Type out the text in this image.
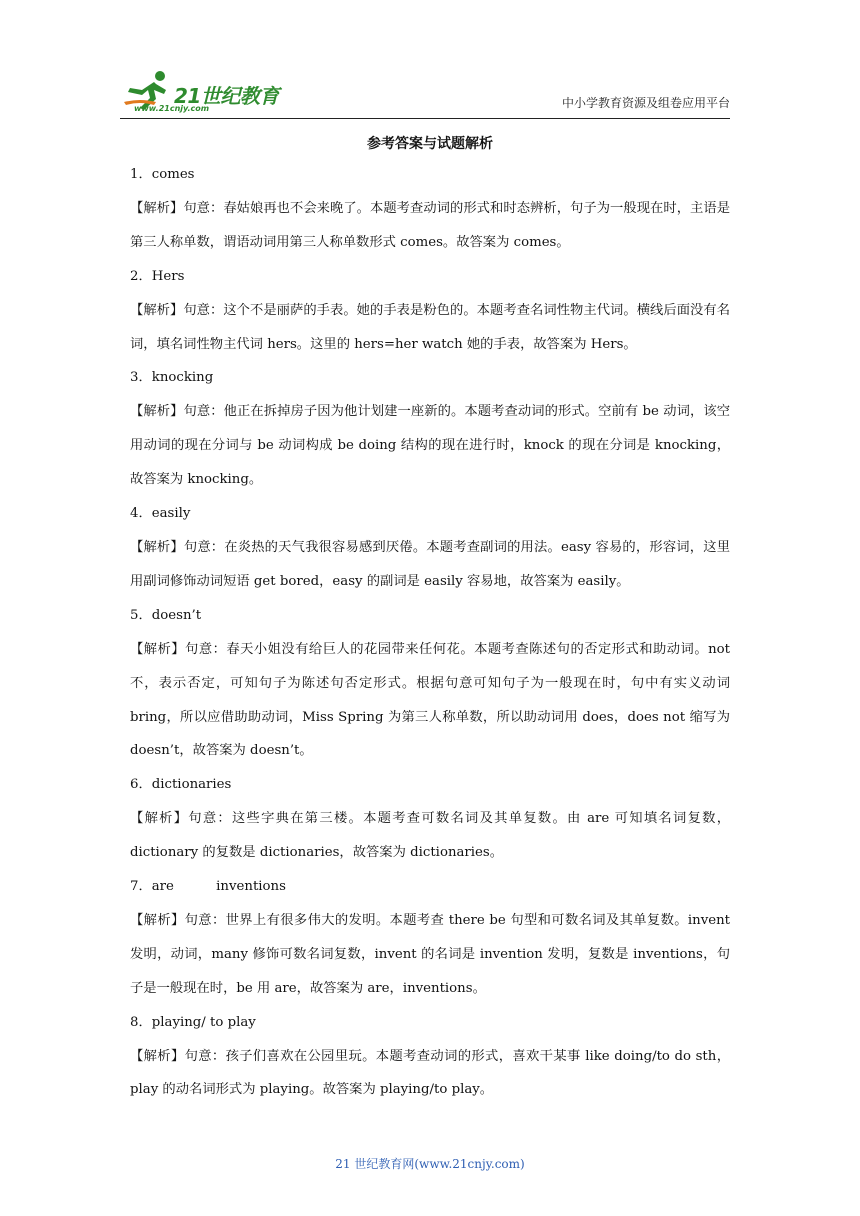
21世纪教育
www.21cnjy.com	中小学教育资源及组卷应用平台
参考答案与试题解析
1．comes
【解析】句意：春姑娘再也不会来晚了。本题考查动词的形式和时态辨析，句子为一般现在时，主语是第三人称单数，谓语动词用第三人称单数形式 comes。故答案为 comes。
2．Hers
【解析】句意：这个不是丽萨的手表。她的手表是粉色的。本题考查名词性物主代词。横线后面没有名词，填名词性物主代词 hers。这里的 hers=her watch 她的手表，故答案为 Hers。
3．knocking
【解析】句意：他正在拆掉房子因为他计划建一座新的。本题考查动词的形式。空前有 be 动词，该空用动词的现在分词与 be 动词构成 be doing 结构的现在进行时，knock 的现在分词是 knocking，故答案为 knocking。
4．easily
【解析】句意：在炎热的天气我很容易感到厌倦。本题考查副词的用法。easy 容易的，形容词，这里用副词修饰动词短语 get bored，easy 的副词是 easily 容易地，故答案为 easily。
5．doesn’t
【解析】句意：春天小姐没有给巨人的花园带来任何花。本题考查陈述句的否定形式和助动词。not 不，表示否定，可知句子为陈述句否定形式。根据句意可知句子为一般现在时，句中有实义动词 bring，所以应借助助动词，Miss Spring 为第三人称单数，所以助动词用 does，does not 缩写为 doesn’t，故答案为 doesn’t。
6．dictionaries
【解析】句意：这些字典在第三楼。本题考查可数名词及其单复数。由 are 可知填名词复数，dictionary 的复数是 dictionaries，故答案为 dictionaries。
7．are          inventions
【解析】句意：世界上有很多伟大的发明。本题考查 there be 句型和可数名词及其单复数。invent 发明，动词，many 修饰可数名词复数，invent 的名词是 invention 发明，复数是 inventions，句子是一般现在时，be 用 are，故答案为 are，inventions。
8．playing/ to play
【解析】句意：孩子们喜欢在公园里玩。本题考查动词的形式，喜欢干某事 like doing/to do sth，play 的动名词形式为 playing。故答案为 playing/to play。
21 世纪教育网(www.21cnjy.com)
